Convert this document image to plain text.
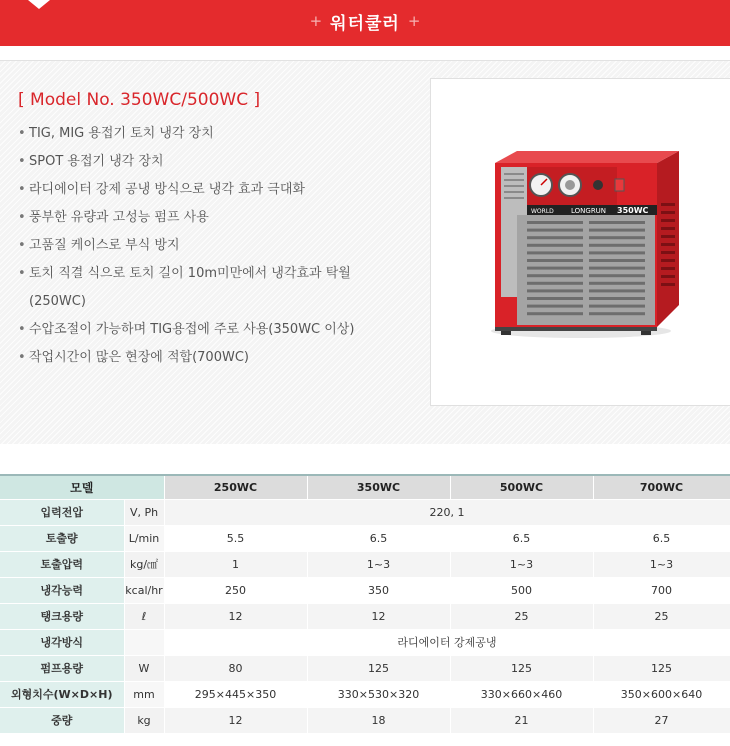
+ 워터쿨러 +
[ Model No. 350WC/500WC ]
• TIG, MIG 용접기 토치 냉각 장치
• SPOT 용접기 냉각 장치
• 라디에이터 강제 공냉 방식으로 냉각 효과 극대화
• 풍부한 유량과 고성능 펌프 사용
• 고품질 케이스로 부식 방지
• 토치 직결 식으로 토치 길이 10m미만에서 냉각효과 탁월
(250WC)
• 수압조절이 가능하며 TIG용접에 주로 사용(350WC 이상)
• 작업시간이 많은 현장에 적합(700WC)
LONGRUN 350WC
WORLD
모델		250WC	350WC	500WC	700WC
입력전압	V, Ph	220, 1			
토출량	L/min	5.5	6.5	6.5	6.5
토출압력	kg/㎠	1	1~3	1~3	1~3
냉각능력	kcal/hr	250	350	500	700
탱크용량	ℓ	12	12	25	25
냉각방식		라디에이터 강제공냉			
펌프용량	W	80	125	125	125
외형치수(W×D×H)	mm	295×445×350	330×530×320	330×660×460	350×600×640
중량	kg	12	18	21	27
